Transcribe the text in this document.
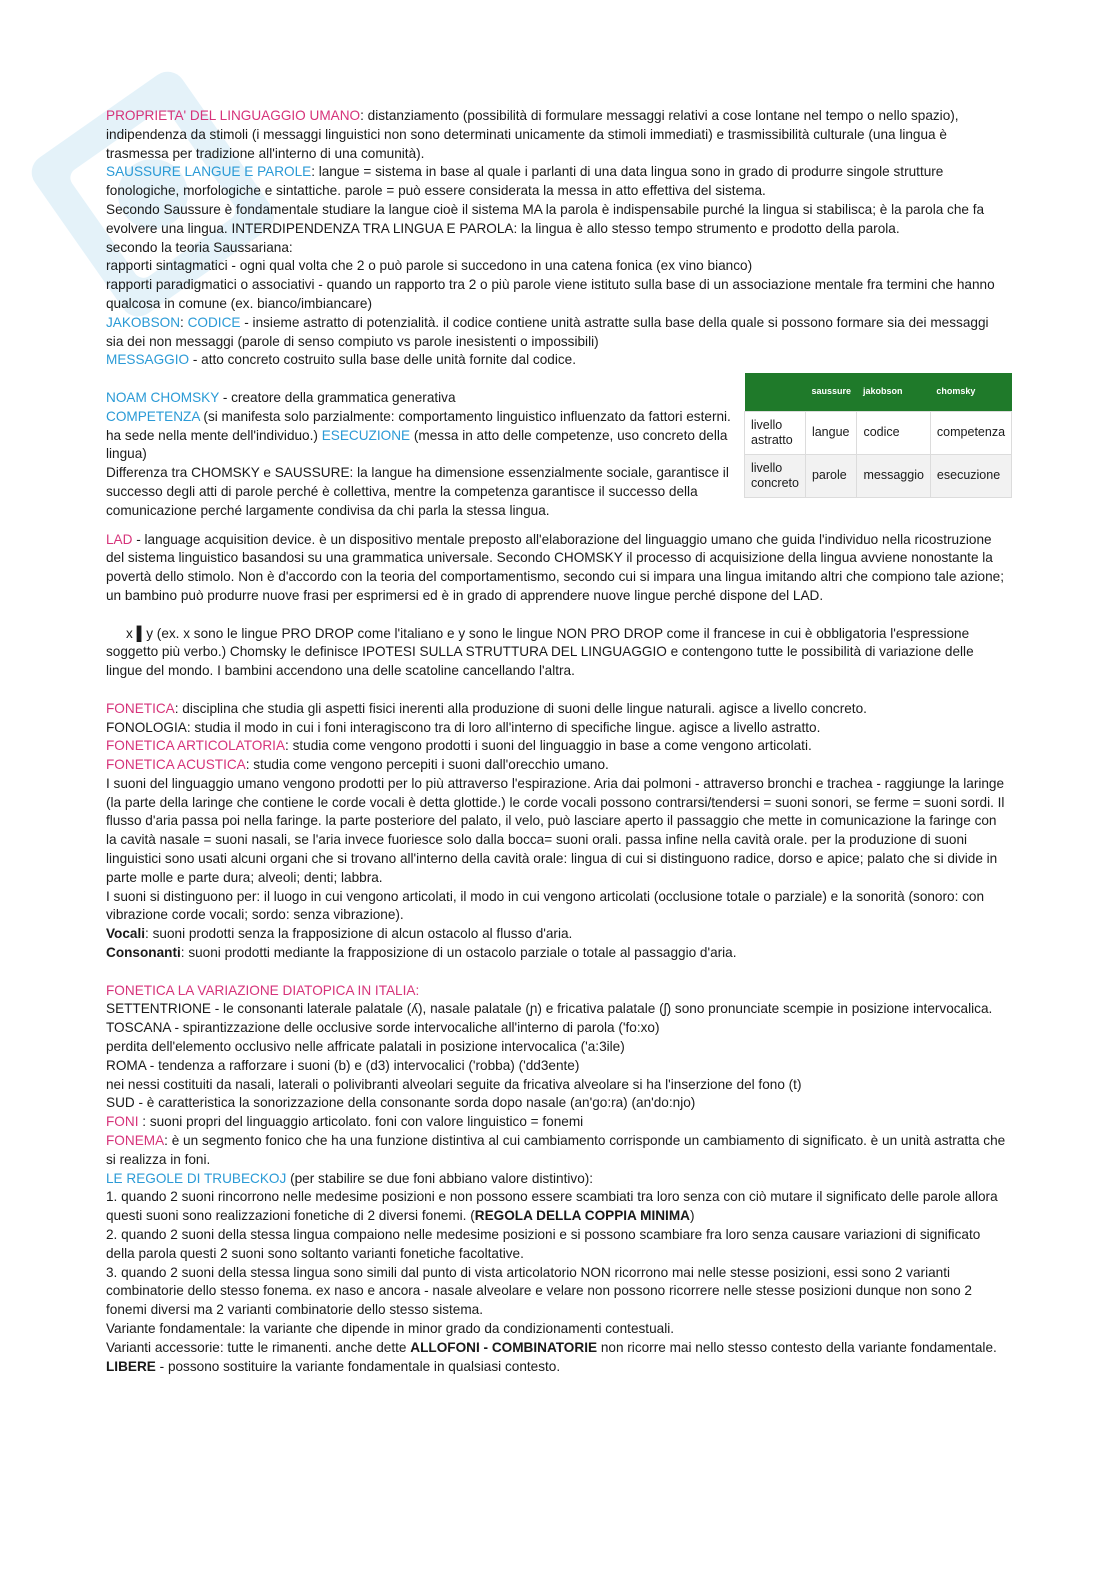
PROPRIETA' DEL LINGUAGGIO UMANO: distanziamento (possibilità di formulare messaggi relativi a cose lontane nel tempo o nello spazio), indipendenza da stimoli (i messaggi linguistici non sono determinati unicamente da stimoli immediati) e trasmissibilità culturale (una lingua è trasmessa per tradizione all'interno di una comunità).

SAUSSURE LANGUE E PAROLE: langue = sistema in base al quale i parlanti di una data lingua sono in grado di produrre singole strutture fonologiche, morfologiche e sintattiche. parole = può essere considerata la messa in atto effettiva del sistema.

Secondo Saussure è fondamentale studiare la langue cioè il sistema MA la parola è indispensabile purché la lingua si stabilisca; è la parola che fa evolvere una lingua. INTERDIPENDENZA TRA LINGUA E PAROLA: la lingua è allo stesso tempo strumento e prodotto della parola.

secondo la teoria Saussariana:

rapporti sintagmatici - ogni qual volta che 2 o può parole si succedono in una catena fonica (ex vino bianco)

rapporti paradigmatici o associativi - quando un rapporto tra 2 o più parole viene istituto sulla base di un associazione mentale fra termini che hanno qualcosa in comune (ex. bianco/imbiancare)

JAKOBSON: CODICE - insieme astratto di potenzialità. il codice contiene unità astratte sulla base della quale si possono formare sia dei messaggi sia dei non messaggi (parole di senso compiuto vs parole inesistenti o impossibili)

MESSAGGIO - atto concreto costruito sulla base delle unità fornite dal codice.

NOAM CHOMSKY - creatore della grammatica generativa

COMPETENZA (si manifesta solo parzialmente: comportamento linguistico influenzato da fattori esterni. ha sede nella mente dell'individuo.) ESECUZIONE (messa in atto delle competenze, uso concreto della lingua)

Differenza tra CHOMSKY e SAUSSURE: la langue ha dimensione essenzialmente sociale, garantisce il successo degli atti di parole perché è collettiva, mentre la competenza garantisce il successo della comunicazione perché largamente condivisa da chi parla la stessa lingua.

	saussure	jakobson	chomsky
livello astratto	langue	codice	competenza
livello concreto	parole	messaggio	esecuzione

LAD - language acquisition device. è un dispositivo mentale preposto all'elaborazione del linguaggio umano che guida l'individuo nella ricostruzione del sistema linguistico basandosi su una grammatica universale. Secondo CHOMSKY il processo di acquisizione della lingua avviene nonostante la povertà dello stimolo. Non è d'accordo con la teoria del comportamentismo, secondo cui si impara una lingua imitando altri che compiono tale azione; un bambino può produrre nuove frasi per esprimersi ed è in grado di apprendere nuove lingue perché dispone del LAD.

x ▌y (ex. x sono le lingue PRO DROP come l'italiano e y sono le lingue NON PRO DROP come il francese in cui è obbligatoria l'espressione soggetto più verbo.) Chomsky le definisce IPOTESI SULLA STRUTTURA DEL LINGUAGGIO e contengono tutte le possibilità di variazione delle lingue del mondo. I bambini accendono una delle scatoline cancellando l'altra.

FONETICA: disciplina che studia gli aspetti fisici inerenti alla produzione di suoni delle lingue naturali. agisce a livello concreto.

FONOLOGIA: studia il modo in cui i foni interagiscono tra di loro all'interno di specifiche lingue. agisce a livello astratto.

FONETICA ARTICOLATORIA: studia come vengono prodotti i suoni del linguaggio in base a come vengono articolati.

FONETICA ACUSTICA: studia come vengono percepiti i suoni dall'orecchio umano.

I suoni del linguaggio umano vengono prodotti per lo più attraverso l'espirazione. Aria dai polmoni - attraverso bronchi e trachea - raggiunge la laringe (la parte della laringe che contiene le corde vocali è detta glottide.) le corde vocali possono contrarsi/tendersi = suoni sonori, se ferme = suoni sordi. Il flusso d'aria passa poi nella faringe. la parte posteriore del palato, il velo, può lasciare aperto il passaggio che mette in comunicazione la faringe con la cavità nasale = suoni nasali, se l'aria invece fuoriesce solo dalla bocca= suoni orali. passa infine nella cavità orale. per la produzione di suoni linguistici sono usati alcuni organi che si trovano all'interno della cavità orale: lingua di cui si distinguono radice, dorso e apice; palato che si divide in parte molle e parte dura; alveoli; denti; labbra.

I suoni si distinguono per: il luogo in cui vengono articolati, il modo in cui vengono articolati (occlusione totale o parziale) e la sonorità (sonoro: con vibrazione corde vocali; sordo: senza vibrazione).

Vocali: suoni prodotti senza la frapposizione di alcun ostacolo al flusso d'aria.

Consonanti: suoni prodotti mediante la frapposizione di un ostacolo parziale o totale al passaggio d'aria.

FONETICA LA VARIAZIONE DIATOPICA IN ITALIA:

SETTENTRIONE - le consonanti laterale palatale (ʎ), nasale palatale (ɲ) e fricativa palatale (ʃ) sono pronunciate scempie in posizione intervocalica.

TOSCANA - spirantizzazione delle occlusive sorde intervocaliche all'interno di parola ('fo:xo)

perdita dell'elemento occlusivo nelle affricate palatali in posizione intervocalica ('a:3ile)

ROMA - tendenza a rafforzare i suoni (b) e (d3) intervocalici ('robba) ('dd3ente)

nei nessi costituiti da nasali, laterali o polivibranti alveolari seguite da fricativa alveolare si ha l'inserzione del fono (t)

SUD - è caratteristica la sonorizzazione della consonante sorda dopo nasale (an'go:ra) (an'do:njo)

FONI : suoni propri del linguaggio articolato. foni con valore linguistico = fonemi

FONEMA: è un segmento fonico che ha una funzione distintiva al cui cambiamento corrisponde un cambiamento di significato. è un unità astratta che si realizza in foni.

LE REGOLE DI TRUBECKOJ (per stabilire se due foni abbiano valore distintivo):

1. quando 2 suoni rincorrono nelle medesime posizioni e non possono essere scambiati tra loro senza con ciò mutare il significato delle parole allora questi suoni sono realizzazioni fonetiche di 2 diversi fonemi. (REGOLA DELLA COPPIA MINIMA)

2. quando 2 suoni della stessa lingua compaiono nelle medesime posizioni e si possono scambiare fra loro senza causare variazioni di significato della parola questi 2 suoni sono soltanto varianti fonetiche facoltative.

3. quando 2 suoni della stessa lingua sono simili dal punto di vista articolatorio NON ricorrono mai nelle stesse posizioni, essi sono 2 varianti combinatorie dello stesso fonema. ex naso e ancora - nasale alveolare e velare non possono ricorrere nelle stesse posizioni dunque non sono 2 fonemi diversi ma 2 varianti combinatorie dello stesso sistema.

Variante fondamentale: la variante che dipende in minor grado da condizionamenti contestuali.

Varianti accessorie: tutte le rimanenti. anche dette ALLOFONI - COMBINATORIE non ricorre mai nello stesso contesto della variante fondamentale. LIBERE - possono sostituire la variante fondamentale in qualsiasi contesto.
